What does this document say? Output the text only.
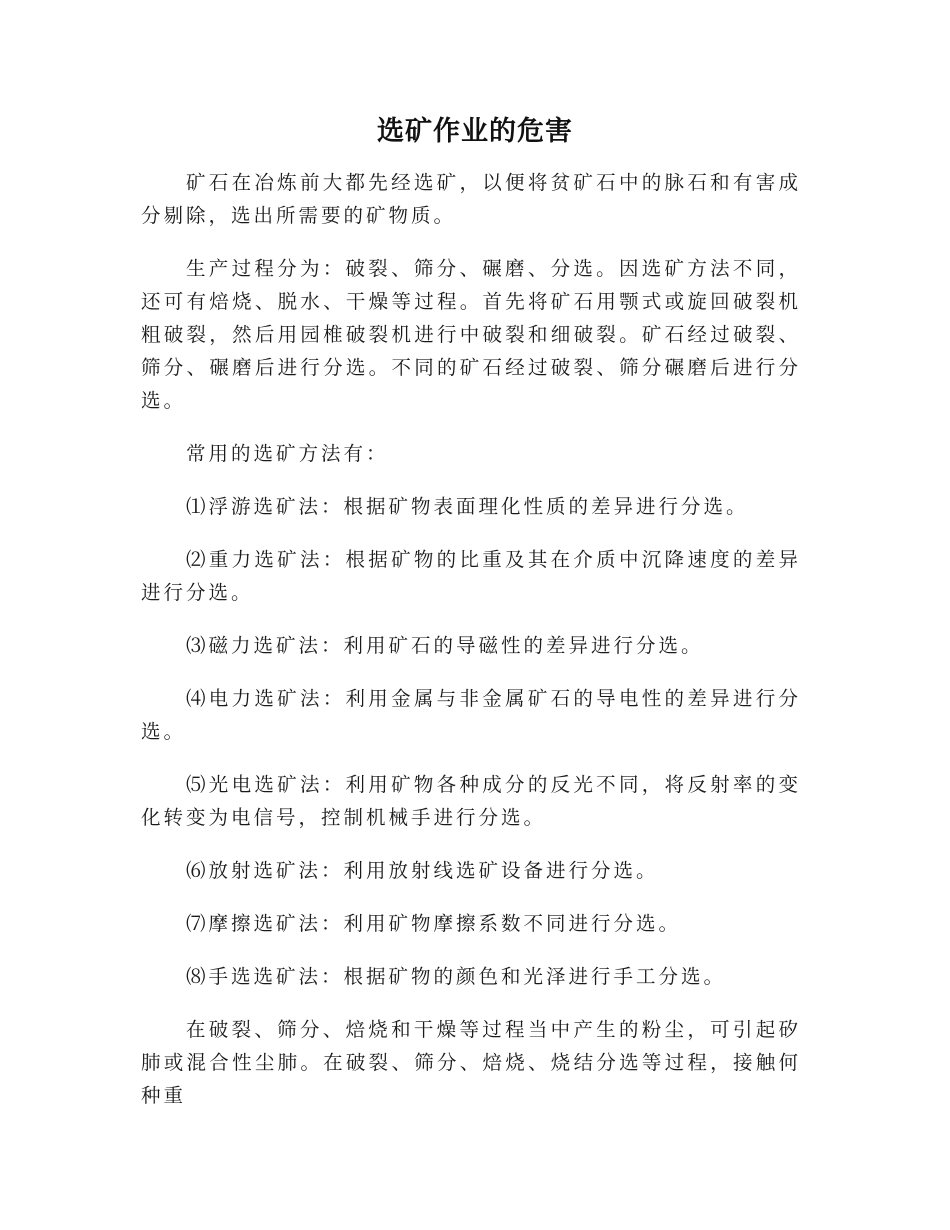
选矿作业的危害

矿石在冶炼前大都先经选矿，以便将贫矿石中的脉石和有害成分剔除，选出所需要的矿物质。

生产过程分为：破裂、筛分、碾磨、分选。因选矿方法不同，还可有焙烧、脱水、干燥等过程。首先将矿石用颚式或旋回破裂机粗破裂，然后用园椎破裂机进行中破裂和细破裂。矿石经过破裂、筛分、碾磨后进行分选。不同的矿石经过破裂、筛分碾磨后进行分选。

常用的选矿方法有：

⑴浮游选矿法：根据矿物表面理化性质的差异进行分选。

⑵重力选矿法：根据矿物的比重及其在介质中沉降速度的差异进行分选。

⑶磁力选矿法：利用矿石的导磁性的差异进行分选。

⑷电力选矿法：利用金属与非金属矿石的导电性的差异进行分选。

⑸光电选矿法：利用矿物各种成分的反光不同，将反射率的变化转变为电信号，控制机械手进行分选。

⑹放射选矿法：利用放射线选矿设备进行分选。

⑺摩擦选矿法：利用矿物摩擦系数不同进行分选。

⑻手选选矿法：根据矿物的颜色和光泽进行手工分选。

在破裂、筛分、焙烧和干燥等过程当中产生的粉尘，可引起矽肺或混合性尘肺。在破裂、筛分、焙烧、烧结分选等过程，接触何种重
